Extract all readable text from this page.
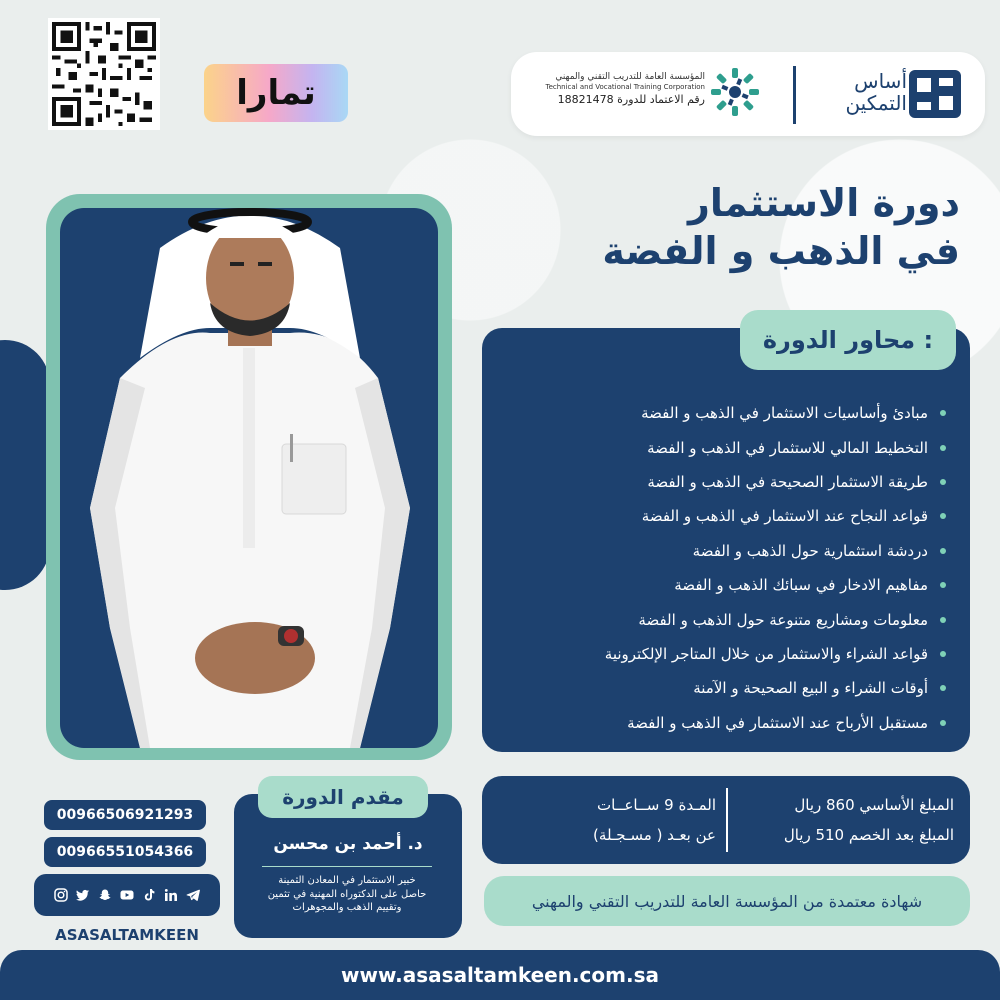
تمارا	المؤسسة العامة للتدريب التقني والمهني
Technical and Vocational Training Corporation
رقم الاعتماد للدورة 18821478
أساس
التمكين
دورة الاستثمار
في الذهب و الفضة
محاور الدورة :
مبادئ وأساسيات الاستثمار في الذهب و الفضة
التخطيط المالي للاستثمار في الذهب و الفضة
طريقة الاستثمار الصحيحة في الذهب و الفضة
قواعد النجاح عند الاستثمار في الذهب و الفضة
دردشة استثمارية حول الذهب و الفضة
مفاهيم الادخار في سبائك الذهب و الفضة
معلومات ومشاريع متنوعة حول الذهب و الفضة
قواعد الشراء والاستثمار من خلال المتاجر الإلكترونية
أوقات الشراء و البيع الصحيحة و الآمنة
مستقبل الأرباح عند الاستثمار في الذهب و الفضة
المـدة 9 ســاعــات
عن بعـد ( مسـجـلة)
المبلغ الأساسي 860 ريال
المبلغ بعد الخصم 510 ريال
شهادة معتمدة من المؤسسة العامة للتدريب التقني والمهني
مقدم الدورة
د. أحمد بن محسن
خبير الاستثمار في المعادن الثمينة
حاصل على الدكتوراه المهنية في تثمين
وتقييم الذهب والمجوهرات
00966506921293
00966551054366
ASASALTAMKEEN
www.asasaltamkeen.com.sa
